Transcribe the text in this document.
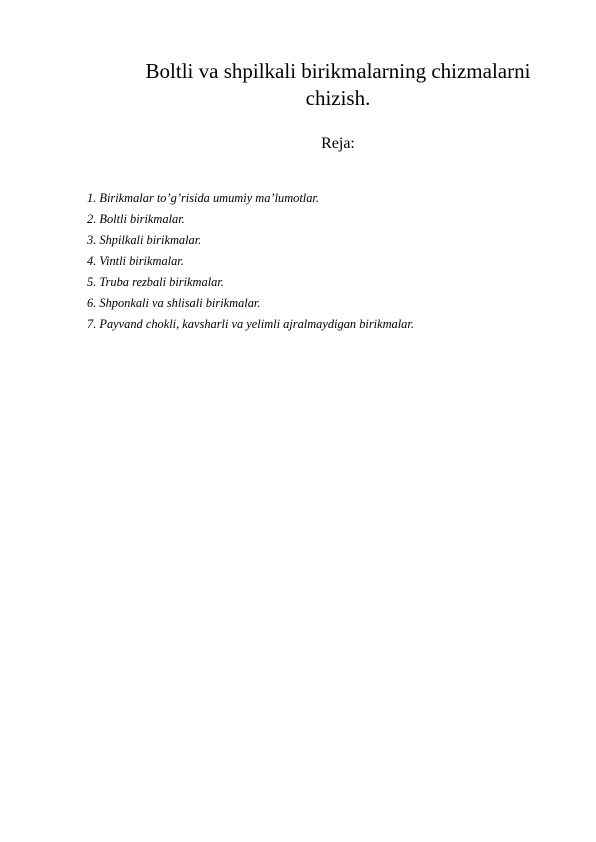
Boltli va shpilkali birikmalarning chizmalarni
chizish.

Reja:

1. Birikmalar to’g’risida umumiy ma’lumotlar.
2. Boltli birikmalar.
3. Shpilkali birikmalar.
4. Vintli birikmalar.
5. Truba rezbali birikmalar.
6. Shponkali va shlisali birikmalar.
7. Payvand chokli, kavsharli va yelimli ajralmaydigan birikmalar.
